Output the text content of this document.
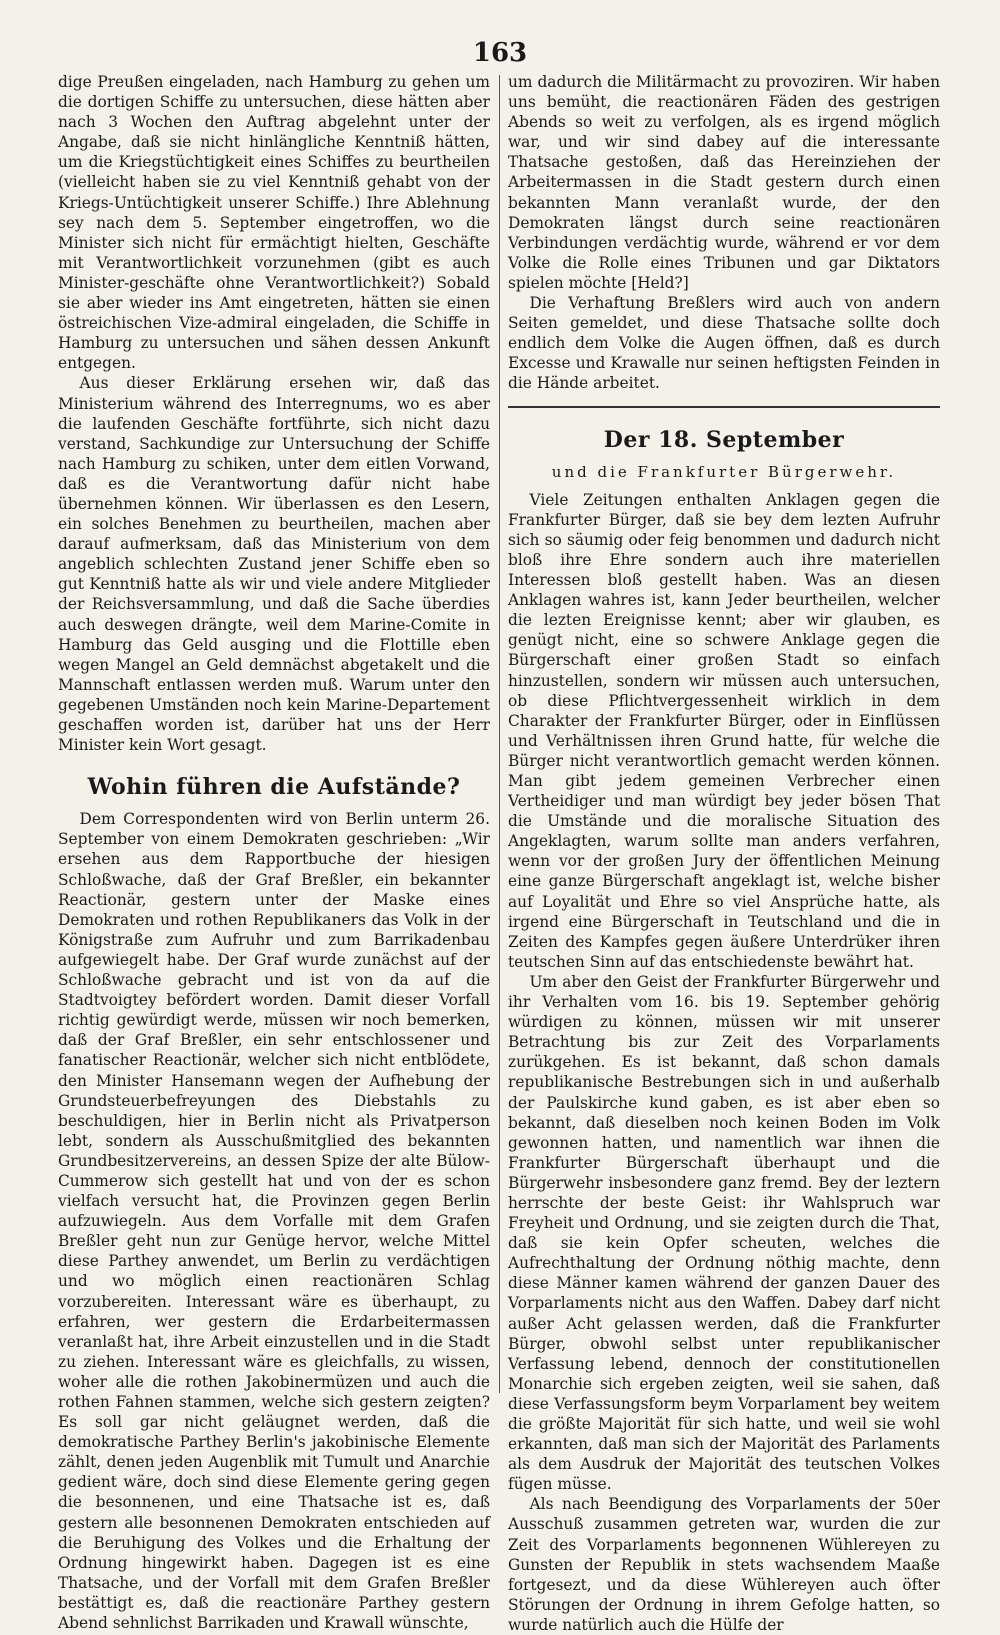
163

dige Preußen eingeladen, nach Hamburg zu gehen um die dortigen Schiffe zu untersuchen, diese hätten aber nach 3 Wochen den Auftrag abgelehnt unter der Angabe, daß sie nicht hinlängliche Kenntniß hätten, um die Kriegstüchtigkeit eines Schiffes zu beurtheilen (vielleicht haben sie zu viel Kenntniß gehabt von der Kriegs-Untüchtigkeit unserer Schiffe.) Ihre Ablehnung sey nach dem 5. September eingetroffen, wo die Minister sich nicht für ermächtigt hielten, Geschäfte mit Verantwortlichkeit vorzunehmen (gibt es auch Minister-geschäfte ohne Verantwortlichkeit?) Sobald sie aber wieder ins Amt eingetreten, hätten sie einen östreichischen Vize-admiral eingeladen, die Schiffe in Hamburg zu untersuchen und sähen dessen Ankunft entgegen.

Aus dieser Erklärung ersehen wir, daß das Ministerium während des Interregnums, wo es aber die laufenden Geschäfte fortführte, sich nicht dazu verstand, Sachkundige zur Untersuchung der Schiffe nach Hamburg zu schiken, unter dem eitlen Vorwand, daß es die Verantwortung dafür nicht habe übernehmen können. Wir überlassen es den Lesern, ein solches Benehmen zu beurtheilen, machen aber darauf aufmerksam, daß das Ministerium von dem angeblich schlechten Zustand jener Schiffe eben so gut Kenntniß hatte als wir und viele andere Mitglieder der Reichsversammlung, und daß die Sache überdies auch deswegen drängte, weil dem Marine-Comite in Hamburg das Geld ausging und die Flottille eben wegen Mangel an Geld demnächst abgetakelt und die Mannschaft entlassen werden muß. Warum unter den gegebenen Umständen noch kein Marine-Departement geschaffen worden ist, darüber hat uns der Herr Minister kein Wort gesagt.

Wohin führen die Aufstände?

Dem Correspondenten wird von Berlin unterm 26. September von einem Demokraten geschrieben: „Wir ersehen aus dem Rapportbuche der hiesigen Schloßwache, daß der Graf Breßler, ein bekannter Reactionär, gestern unter der Maske eines Demokraten und rothen Republikaners das Volk in der Königstraße zum Aufruhr und zum Barrikadenbau aufgewiegelt habe. Der Graf wurde zunächst auf der Schloßwache gebracht und ist von da auf die Stadtvoigtey befördert worden. Damit dieser Vorfall richtig gewürdigt werde, müssen wir noch bemerken, daß der Graf Breßler, ein sehr entschlossener und fanatischer Reactionär, welcher sich nicht entblödete, den Minister Hansemann wegen der Aufhebung der Grundsteuerbefreyungen des Diebstahls zu beschuldigen, hier in Berlin nicht als Privatperson lebt, sondern als Ausschußmitglied des bekannten Grundbesitzervereins, an dessen Spize der alte Bülow-Cummerow sich gestellt hat und von der es schon vielfach versucht hat, die Provinzen gegen Berlin aufzuwiegeln. Aus dem Vorfalle mit dem Grafen Breßler geht nun zur Genüge hervor, welche Mittel diese Parthey anwendet, um Berlin zu verdächtigen und wo möglich einen reactionären Schlag vorzubereiten. Interessant wäre es überhaupt, zu erfahren, wer gestern die Erdarbeitermassen veranlaßt hat, ihre Arbeit einzustellen und in die Stadt zu ziehen. Interessant wäre es gleichfalls, zu wissen, woher alle die rothen Jakobinermüzen und auch die rothen Fahnen stammen, welche sich gestern zeigten? Es soll gar nicht geläugnet werden, daß die demokratische Parthey Berlin's jakobinische Elemente zählt, denen jeden Augenblik mit Tumult und Anarchie gedient wäre, doch sind diese Elemente gering gegen die besonnenen, und eine Thatsache ist es, daß gestern alle besonnenen Demokraten entschieden auf die Beruhigung des Volkes und die Erhaltung der Ordnung hingewirkt haben. Dagegen ist es eine Thatsache, und der Vorfall mit dem Grafen Breßler bestättigt es, daß die reactionäre Parthey gestern Abend sehnlichst Barrikaden und Krawall wünschte,

um dadurch die Militärmacht zu provoziren. Wir haben uns bemüht, die reactionären Fäden des gestrigen Abends so weit zu verfolgen, als es irgend möglich war, und wir sind dabey auf die interessante Thatsache gestoßen, daß das Hereinziehen der Arbeitermassen in die Stadt gestern durch einen bekannten Mann veranlaßt wurde, der den Demokraten längst durch seine reactionären Verbindungen verdächtig wurde, während er vor dem Volke die Rolle eines Tribunen und gar Diktators spielen möchte [Held?]

Die Verhaftung Breßlers wird auch von andern Seiten gemeldet, und diese Thatsache sollte doch endlich dem Volke die Augen öffnen, daß es durch Excesse und Krawalle nur seinen heftigsten Feinden in die Hände arbeitet.

Der 18. September
und die Frankfurter Bürgerwehr.

Viele Zeitungen enthalten Anklagen gegen die Frankfurter Bürger, daß sie bey dem lezten Aufruhr sich so säumig oder feig benommen und dadurch nicht bloß ihre Ehre sondern auch ihre materiellen Interessen bloß gestellt haben. Was an diesen Anklagen wahres ist, kann Jeder beurtheilen, welcher die lezten Ereignisse kennt; aber wir glauben, es genügt nicht, eine so schwere Anklage gegen die Bürgerschaft einer großen Stadt so einfach hinzustellen, sondern wir müssen auch untersuchen, ob diese Pflichtvergessenheit wirklich in dem Charakter der Frankfurter Bürger, oder in Einflüssen und Verhältnissen ihren Grund hatte, für welche die Bürger nicht verantwortlich gemacht werden können. Man gibt jedem gemeinen Verbrecher einen Vertheidiger und man würdigt bey jeder bösen That die Umstände und die moralische Situation des Angeklagten, warum sollte man anders verfahren, wenn vor der großen Jury der öffentlichen Meinung eine ganze Bürgerschaft angeklagt ist, welche bisher auf Loyalität und Ehre so viel Ansprüche hatte, als irgend eine Bürgerschaft in Teutschland und die in Zeiten des Kampfes gegen äußere Unterdrüker ihren teutschen Sinn auf das entschiedenste bewährt hat.

Um aber den Geist der Frankfurter Bürgerwehr und ihr Verhalten vom 16. bis 19. September gehörig würdigen zu können, müssen wir mit unserer Betrachtung bis zur Zeit des Vorparlaments zurükgehen. Es ist bekannt, daß schon damals republikanische Bestrebungen sich in und außerhalb der Paulskirche kund gaben, es ist aber eben so bekannt, daß dieselben noch keinen Boden im Volk gewonnen hatten, und namentlich war ihnen die Frankfurter Bürgerschaft überhaupt und die Bürgerwehr insbesondere ganz fremd. Bey der leztern herrschte der beste Geist: ihr Wahlspruch war Freyheit und Ordnung, und sie zeigten durch die That, daß sie kein Opfer scheuten, welches die Aufrechthaltung der Ordnung nöthig machte, denn diese Männer kamen während der ganzen Dauer des Vorparlaments nicht aus den Waffen. Dabey darf nicht außer Acht gelassen werden, daß die Frankfurter Bürger, obwohl selbst unter republikanischer Verfassung lebend, dennoch der constitutionellen Monarchie sich ergeben zeigten, weil sie sahen, daß diese Verfassungsform beym Vorparlament bey weitem die größte Majorität für sich hatte, und weil sie wohl erkannten, daß man sich der Majorität des Parlaments als dem Ausdruk der Majorität des teutschen Volkes fügen müsse.

Als nach Beendigung des Vorparlaments der 50er Ausschuß zusammen getreten war, wurden die zur Zeit des Vorparlaments begonnenen Wühlereyen zu Gunsten der Republik in stets wachsendem Maaße fortgesezt, und da diese Wühlereyen auch öfter Störungen der Ordnung in ihrem Gefolge hatten, so wurde natürlich auch die Hülfe der
